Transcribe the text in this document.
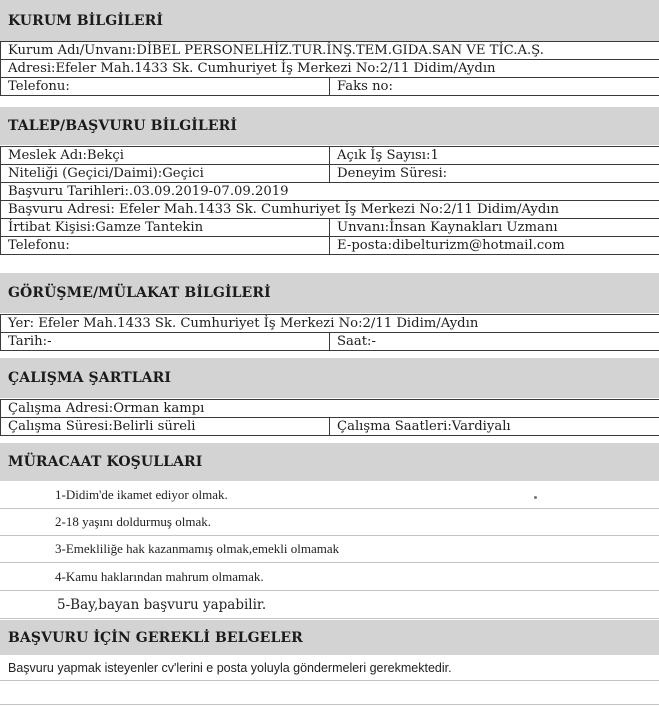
KURUM BİLGİLERİ
Kurum Adı/Unvanı:DİBEL PERSONELHİZ.TUR.İNŞ.TEM.GIDA.SAN VE TİC.A.Ş.
Adresi:Efeler Mah.1433 Sk. Cumhuriyet İş Merkezi No:2/11 Didim/Aydın
Telefonu:	Faks no:
TALEP/BAŞVURU BİLGİLERİ
Meslek Adı:Bekçi	Açık İş Sayısı:1
Niteliği (Geçici/Daimi):Geçici	Deneyim Süresi:
Başvuru Tarihleri:.03.09.2019-07.09.2019	
Başvuru Adresi: Efeler Mah.1433 Sk. Cumhuriyet İş Merkezi No:2/11 Didim/Aydın	
İrtibat Kişisi:Gamze Tantekin	Unvanı:İnsan Kaynakları Uzmanı
Telefonu:	E-posta:dibelturizm@hotmail.com
GÖRÜŞME/MÜLAKAT BİLGİLERİ
Yer: Efeler Mah.1433 Sk. Cumhuriyet İş Merkezi No:2/11 Didim/Aydın
Tarih:-	Saat:-
ÇALIŞMA ŞARTLARI
Çalışma Adresi:Orman kampı
Çalışma Süresi:Belirli süreli	Çalışma Saatleri:Vardiyalı
MÜRACAAT KOŞULLARI
1-Didim'de ikamet ediyor olmak.
2-18 yaşını doldurmuş olmak.
3-Emekliliğe hak kazanmamış olmak,emekli olmamak
4-Kamu haklarından mahrum olmamak.
5-Bay,bayan başvuru yapabilir.
BAŞVURU İÇİN GEREKLİ BELGELER
Başvuru yapmak isteyenler cv'lerini e posta yoluyla göndermeleri gerekmektedir.
